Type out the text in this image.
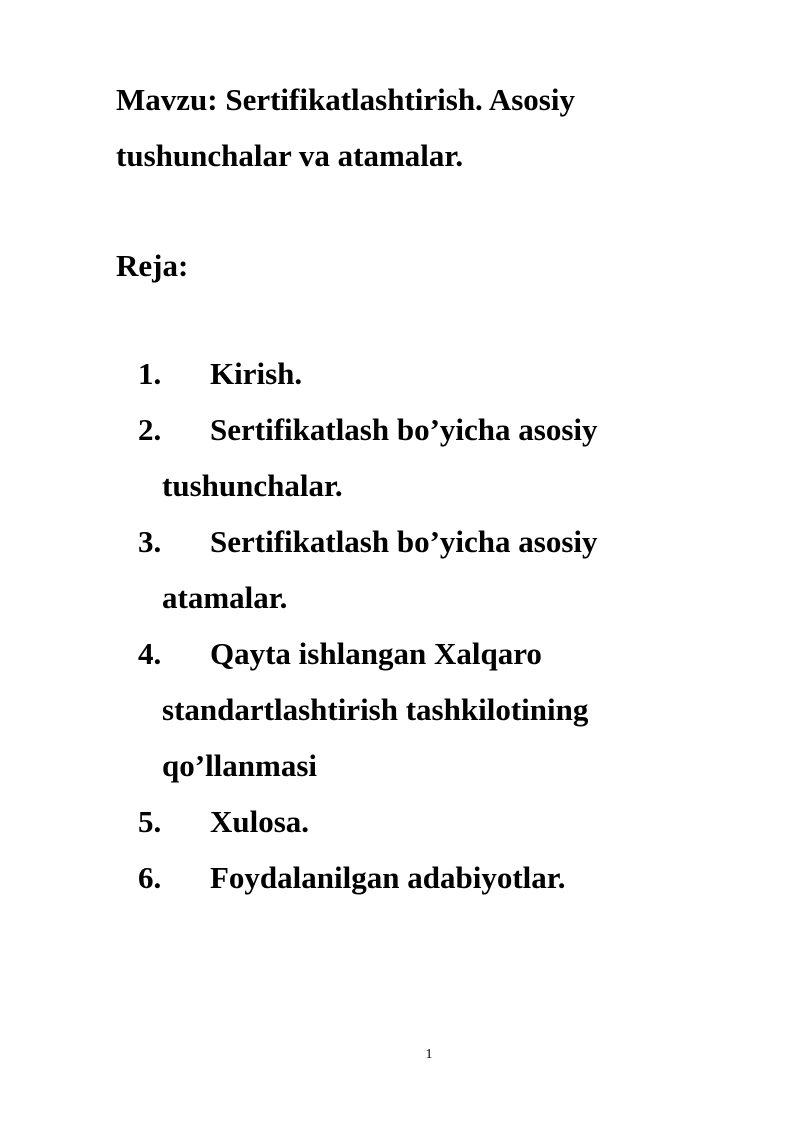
Mavzu: Sertifikatlashtirish. Asosiy
tushunchalar va atamalar.
Reja:
1. Kirish.
2. Sertifikatlash bo’yicha asosiy
tushunchalar.
3. Sertifikatlash bo’yicha asosiy
atamalar.
4. Qayta ishlangan Xalqaro
standartlashtirish tashkilotining
qo’llanmasi
5. Xulosa.
6. Foydalanilgan adabiyotlar.
1
